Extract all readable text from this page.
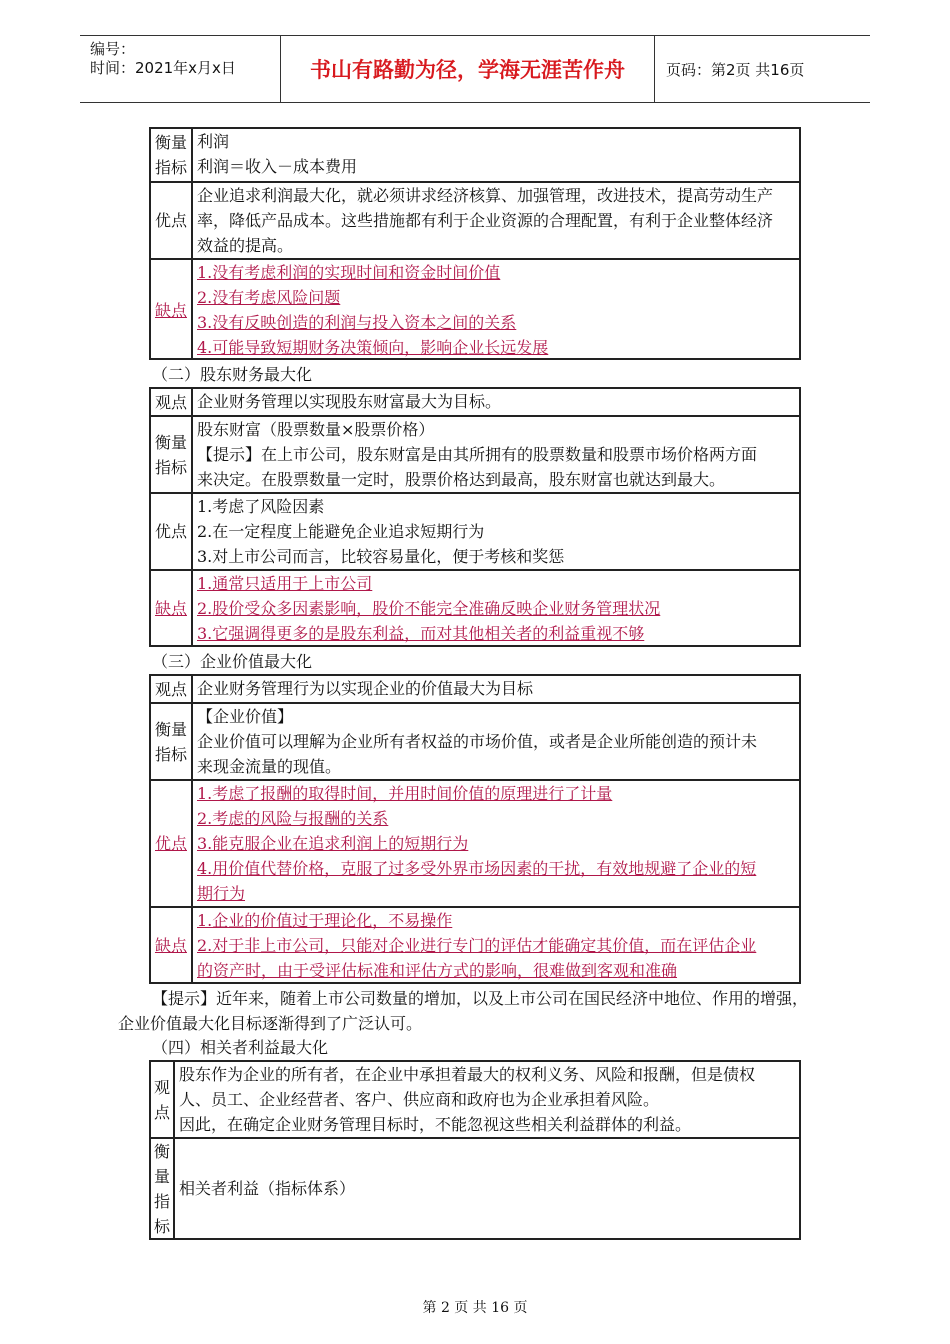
编号：
时间：2021年x月x日	书山有路勤为径，学海无涯苦作舟	页码：第2页 共16页
衡量
指标
利润
利润＝收入－成本费用
优点
企业追求利润最大化，就必须讲求经济核算、加强管理，改进技术，提高劳动生产
率，降低产品成本。这些措施都有利于企业资源的合理配置，有利于企业整体经济
效益的提高。
缺点
1.没有考虑利润的实现时间和资金时间价值
2.没有考虑风险问题
3.没有反映创造的利润与投入资本之间的关系
4.可能导致短期财务决策倾向，影响企业长远发展
（二）股东财务最大化
观点 企业财务管理以实现股东财富最大为目标。
衡量
指标
股东财富（股票数量×股票价格）
【提示】在上市公司，股东财富是由其所拥有的股票数量和股票市场价格两方面
来决定。在股票数量一定时，股票价格达到最高，股东财富也就达到最大。
优点
1.考虑了风险因素
2.在一定程度上能避免企业追求短期行为
3.对上市公司而言，比较容易量化，便于考核和奖惩
缺点
1.通常只适用于上市公司
2.股价受众多因素影响，股价不能完全准确反映企业财务管理状况
3.它强调得更多的是股东利益，而对其他相关者的利益重视不够
（三）企业价值最大化
观点 企业财务管理行为以实现企业的价值最大为目标
衡量
指标
【企业价值】
企业价值可以理解为企业所有者权益的市场价值，或者是企业所能创造的预计未
来现金流量的现值。
优点
1.考虑了报酬的取得时间，并用时间价值的原理进行了计量
2.考虑的风险与报酬的关系
3.能克服企业在追求利润上的短期行为
4.用价值代替价格，克服了过多受外界市场因素的干扰，有效地规避了企业的短
期行为
缺点
1.企业的价值过于理论化，不易操作
2.对于非上市公司，只能对企业进行专门的评估才能确定其价值，而在评估企业
的资产时，由于受评估标准和评估方式的影响，很难做到客观和准确
【提示】近年来，随着上市公司数量的增加，以及上市公司在国民经济中地位、作用的增强，
企业价值最大化目标逐渐得到了广泛认可。
（四）相关者利益最大化
观
点
股东作为企业的所有者，在企业中承担着最大的权利义务、风险和报酬，但是债权
人、员工、企业经营者、客户、供应商和政府也为企业承担着风险。
因此，在确定企业财务管理目标时，不能忽视这些相关利益群体的利益。
衡
量
指
标
相关者利益（指标体系）
第 2 页 共 16 页
